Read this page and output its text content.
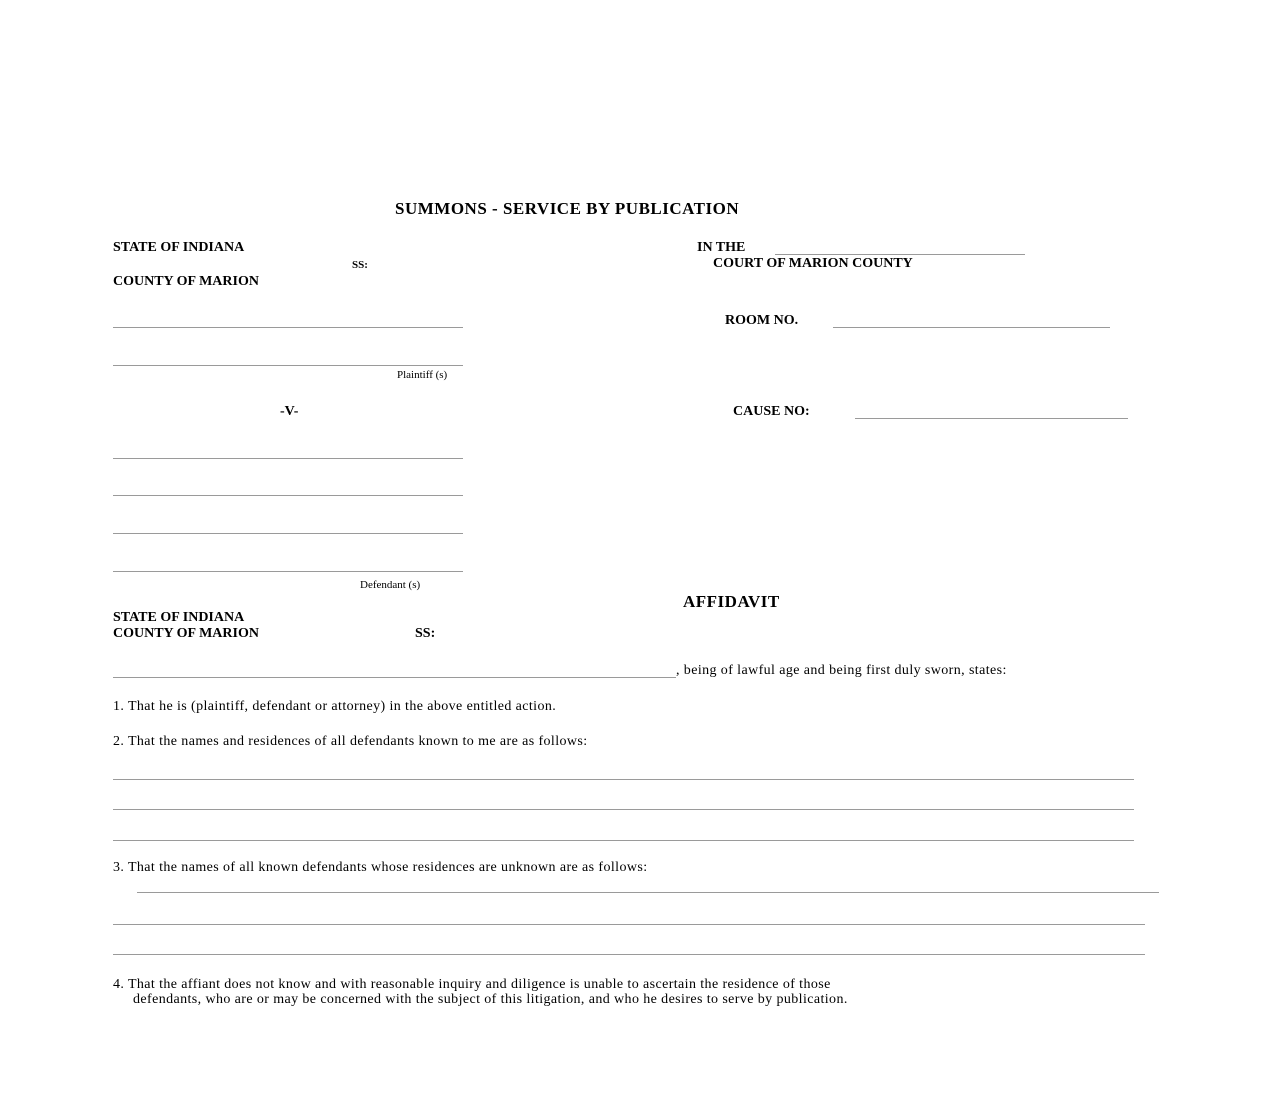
SUMMONS - SERVICE BY PUBLICATION
STATE OF INDIANA
SS:
COUNTY OF MARION
IN THE
COURT OF MARION COUNTY
Plaintiff (s)
ROOM NO.
-V-	CAUSE NO:
Defendant (s)
AFFIDAVIT
STATE OF INDIANA
COUNTY OF MARION	SS:
, being of lawful age and being first duly sworn, states:
1. That he is (plaintiff, defendant or attorney) in the above entitled action.
2. That the names and residences of all defendants known to me are as follows:
3. That the names of all known defendants whose residences are unknown are as follows:
4. That the affiant does not know and with reasonable inquiry and diligence is unable to ascertain the residence of those
defendants, who are or may be concerned with the subject of this litigation, and who he desires to serve by publication.
